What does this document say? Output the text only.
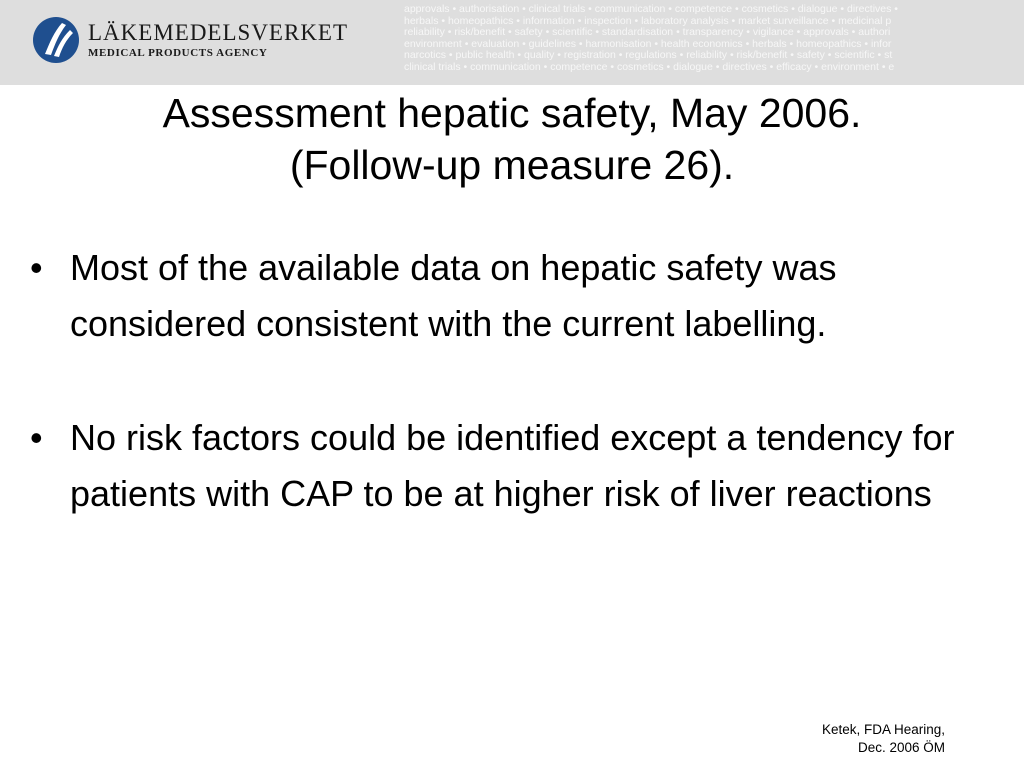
LÄKEMEDELSVERKET
MEDICAL PRODUCTS AGENCY
approvals • authorisation • clinical trials • communication • competence • cosmetics • dialogue • directives •
herbals • homeopathics • information • inspection • laboratory analysis • market surveillance • medicinal p
reliability • risk/benefit • safety • scientific • standardisation • transparency • vigilance • approvals • authori
environment • evaluation • guidelines • harmonisation • health economics • herbals • homeopathics • infor
narcotics • public health • quality • registration • regulations • reliability • risk/benefit • safety • scientific • st
clinical trials • communication • competence • cosmetics • dialogue • directives • efficacy • environment • e
Assessment hepatic safety, May 2006.
(Follow-up measure 26).
• Most of the available data on hepatic safety was considered consistent with the current labelling.
• No risk factors could be identified except a tendency for patients with CAP to be at higher risk of liver reactions
Ketek, FDA Hearing,
Dec. 2006 ÖM
